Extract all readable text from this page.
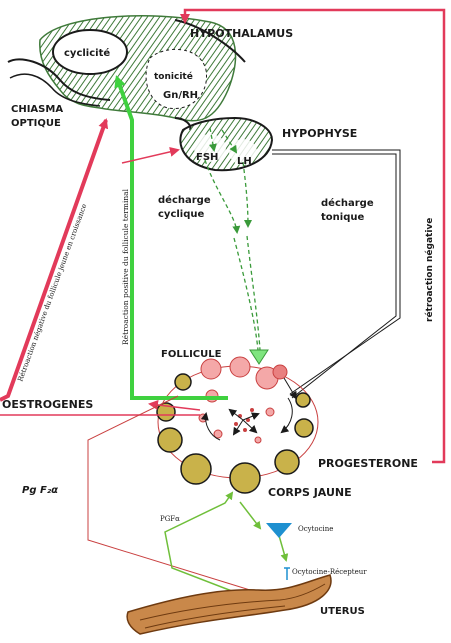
HYPOTHALAMUS
cyclicité
tonicité
Gn/RH
CHIASMA
OPTIQUE
HYPOPHYSE
FSH LH
décharge
cyclique
décharge
tonique
FOLLICULE
OESTROGENES
PROGESTERONE
CORPS JAUNE
Pg F₂α
PGFα
Ocytocine
Ocytocine-Récepteur
UTERUS
rétroaction négative
Rétroaction positive du follicule terminal
Rétroaction négative du follicule jeune en croissance
